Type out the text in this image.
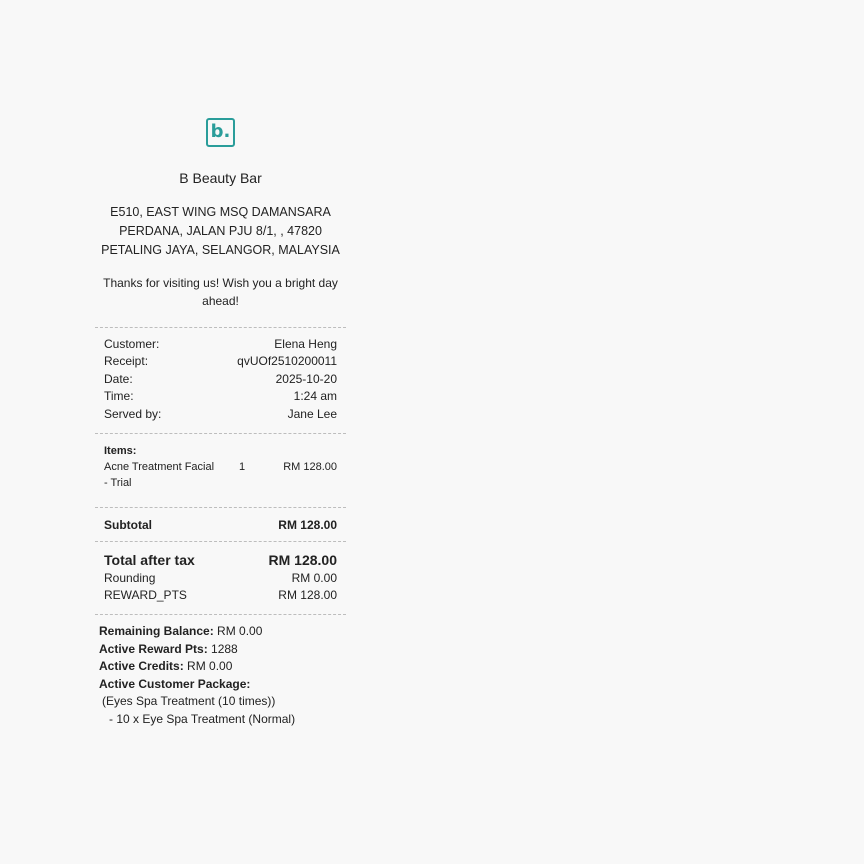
b.
B Beauty Bar
E510, EAST WING MSQ DAMANSARA
PERDANA, JALAN PJU 8/1, , 47820
PETALING JAYA, SELANGOR, MALAYSIA
Thanks for visiting us! Wish you a bright day
ahead!
Customer:	Elena Heng
Receipt:	qvUOf2510200011
Date:	2025-10-20
Time:	1:24 am
Served by:	Jane Lee
Items:
Acne Treatment Facial
- Trial
1	RM 128.00
Subtotal	RM 128.00
Total after tax	RM 128.00
Rounding	RM 0.00
REWARD_PTS	RM 128.00
Remaining Balance: RM 0.00
Active Reward Pts: 1288
Active Credits: RM 0.00
Active Customer Package:
(Eyes Spa Treatment (10 times))
- 10 x Eye Spa Treatment (Normal)
